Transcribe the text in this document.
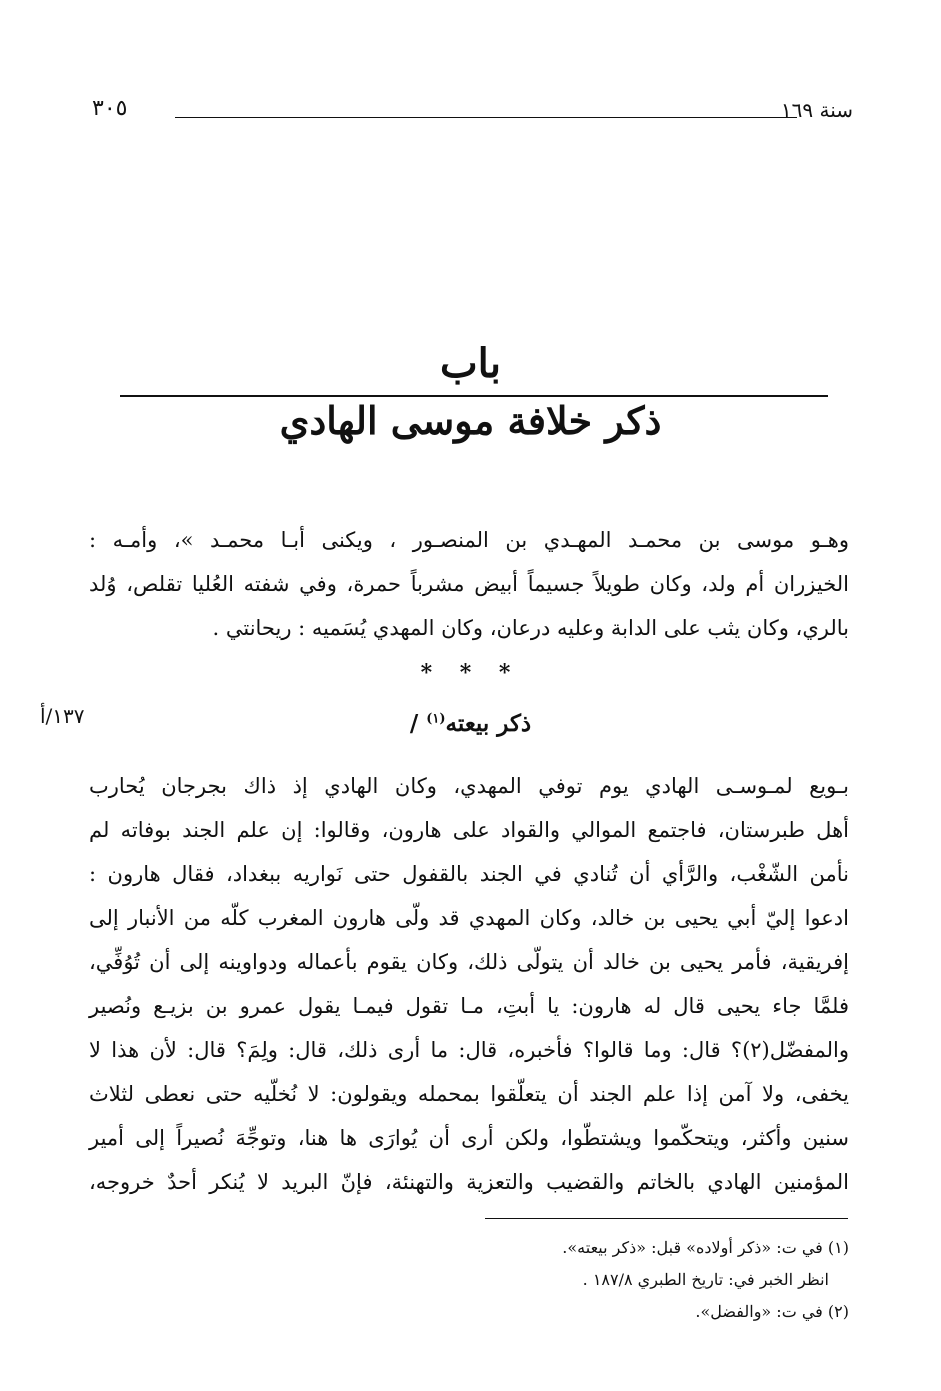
سنة ١٦٩
٣٠٥
باب
ذكر خلافة موسى الهادي
وهـو موسى بن محمـد المهـدي بن المنصـور ، ويكنى أبـا محمـد »، وأمـه :
الخيزران أم ولد، وكان طويلاً جسيماً أبيض مشرباً حمرة، وفي شفته العُليا تقلص، وُلد
بالري، وكان يثب على الدابة وعليه درعان، وكان المهدي يُسَميه : ريحانتي .
* * *
١٣٧/أ	ذكر بيعته$^{(١)}$ /
بـويع لمـوسـى الهادي يوم توفي المهدي، وكان الهادي إذ ذاك بجرجان يُحارب
أهل طبرستان، فاجتمع الموالي والقواد على هارون، وقالوا: إن علم الجند بوفاته لم
نأمن الشّغْب، والرَّأي أن تُنادي في الجند بالقفول حتى نَواريه ببغداد، فقال هارون :
ادعوا إليّ أبي يحيى بن خالد، وكان المهدي قد ولّى هارون المغرب كلّه من الأنبار إلى
إفريقية، فأمر يحيى بن خالد أن يتولّى ذلك، وكان يقوم بأعماله ودواوينه إلى أن تُوُفِّي،
فلمَّا جاء يحيى قال له هارون: يا أبتِ، مـا تقول فيمـا يقول عمرو بن بزيـع ونُصير
والمفضّل(٢)؟ قال: وما قالوا؟ فأخبره، قال: ما أرى ذلك، قال: ولِمَ؟ قال: لأن هذا لا
يخفى، ولا آمن إذا علم الجند أن يتعلّقوا بمحمله ويقولون: لا نُخلّيه حتى نعطى لثلاث
سنين وأكثر، ويتحكّموا ويشتطّوا، ولكن أرى أن يُوارَى ها هنا، وتوجِّهَ نُصيراً إلى أمير
المؤمنين الهادي بالخاتم والقضيب والتعزية والتهنئة، فإنّ البريد لا يُنكر أحدٌ خروجه،
(١) في ت: «ذكر أولاده» قبل: «ذكر بيعته».
انظر الخبر في: تاريخ الطبري ١٨٧/٨ .
(٢) في ت: «والفضل».
